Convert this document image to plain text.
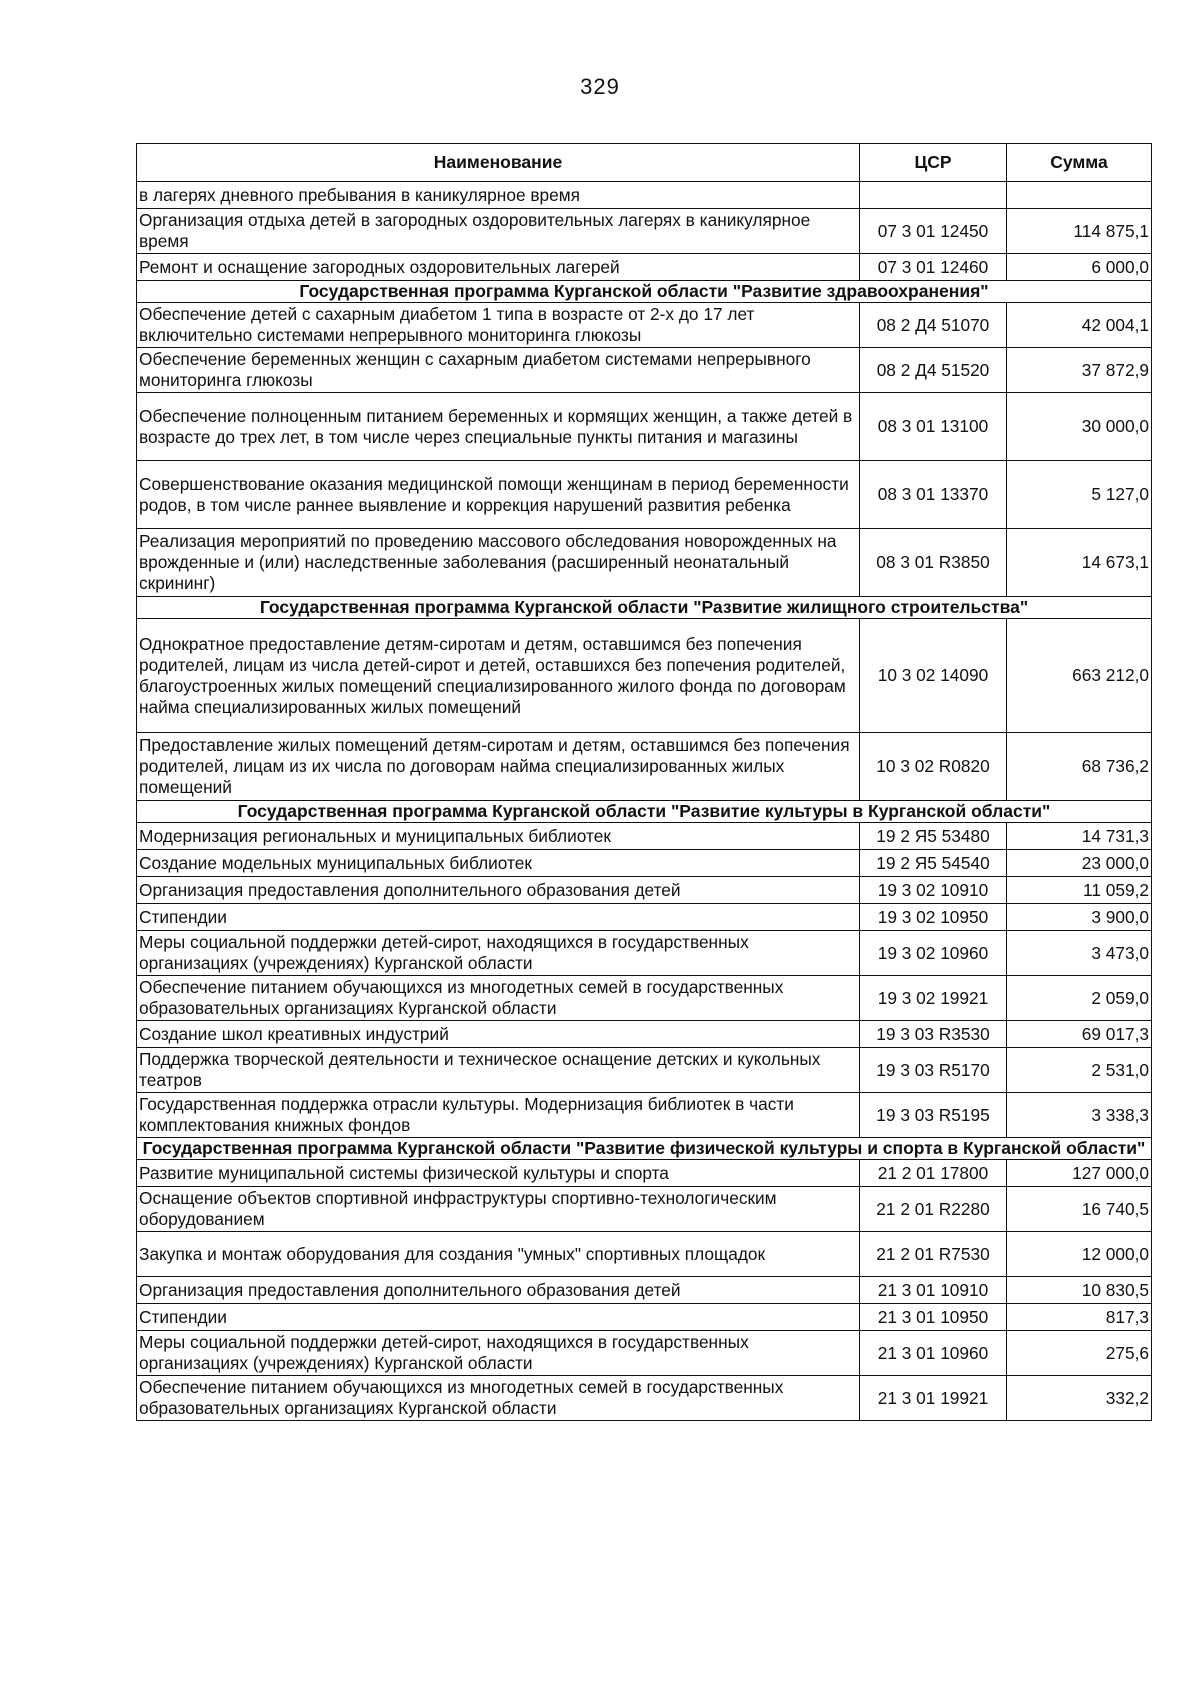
329
Наименование	ЦСР	Сумма
в лагерях дневного пребывания в каникулярное время		
Организация отдыха детей в загородных оздоровительных лагерях в каникулярное время	07 3 01 12450	114 875,1
Ремонт и оснащение загородных оздоровительных лагерей	07 3 01 12460	6 000,0
Государственная программа Курганской области "Развитие здравоохранения"		
Обеспечение детей с сахарным диабетом 1 типа в возрасте от 2-х до 17 лет включительно системами непрерывного мониторинга глюкозы	08 2 Д4 51070	42 004,1
Обеспечение беременных женщин с сахарным диабетом системами непрерывного мониторинга глюкозы	08 2 Д4 51520	37 872,9
Обеспечение полноценным питанием беременных и кормящих женщин, а также детей в возрасте до трех лет, в том числе через специальные пункты питания и магазины	08 3 01 13100	30 000,0
Совершенствование оказания медицинской помощи женщинам в период беременности родов, в том числе раннее выявление и коррекция нарушений развития ребенка	08 3 01 13370	5 127,0
Реализация мероприятий по проведению массового обследования новорожденных на врожденные и (или) наследственные заболевания (расширенный неонатальный скрининг)	08 3 01 R3850	14 673,1
Государственная программа Курганской области "Развитие жилищного строительства"		
Однократное предоставление детям-сиротам и детям, оставшимся без попечения родителей, лицам из числа детей-сирот и детей, оставшихся без попечения родителей, благоустроенных жилых помещений специализированного жилого фонда по договорам найма специализированных жилых помещений	10 3 02 14090	663 212,0
Предоставление жилых помещений детям-сиротам и детям, оставшимся без попечения родителей, лицам из их числа по договорам найма специализированных жилых помещений	10 3 02 R0820	68 736,2
Государственная программа Курганской области "Развитие культуры в Курганской области"		
Модернизация региональных и муниципальных библиотек	19 2 Я5 53480	14 731,3
Создание модельных муниципальных библиотек	19 2 Я5 54540	23 000,0
Организация предоставления дополнительного образования детей	19 3 02 10910	11 059,2
Стипендии	19 3 02 10950	3 900,0
Меры социальной поддержки детей-сирот, находящихся в государственных организациях (учреждениях) Курганской области	19 3 02 10960	3 473,0
Обеспечение питанием обучающихся из многодетных семей в государственных образовательных организациях Курганской области	19 3 02 19921	2 059,0
Создание школ креативных индустрий	19 3 03 R3530	69 017,3
Поддержка творческой деятельности и техническое оснащение детских и кукольных театров	19 3 03 R5170	2 531,0
Государственная поддержка отрасли культуры. Модернизация библиотек в части комплектования книжных фондов	19 3 03 R5195	3 338,3
Государственная программа Курганской области "Развитие физической культуры и спорта в Курганской области"		
Развитие муниципальной системы физической культуры и спорта	21 2 01 17800	127 000,0
Оснащение объектов спортивной инфраструктуры спортивно-технологическим оборудованием	21 2 01 R2280	16 740,5
Закупка и монтаж оборудования для создания "умных" спортивных площадок	21 2 01 R7530	12 000,0
Организация предоставления дополнительного образования детей	21 3 01 10910	10 830,5
Стипендии	21 3 01 10950	817,3
Меры социальной поддержки детей-сирот, находящихся в государственных организациях (учреждениях) Курганской области	21 3 01 10960	275,6
Обеспечение питанием обучающихся из многодетных семей в государственных образовательных организациях Курганской области	21 3 01 19921	332,2
